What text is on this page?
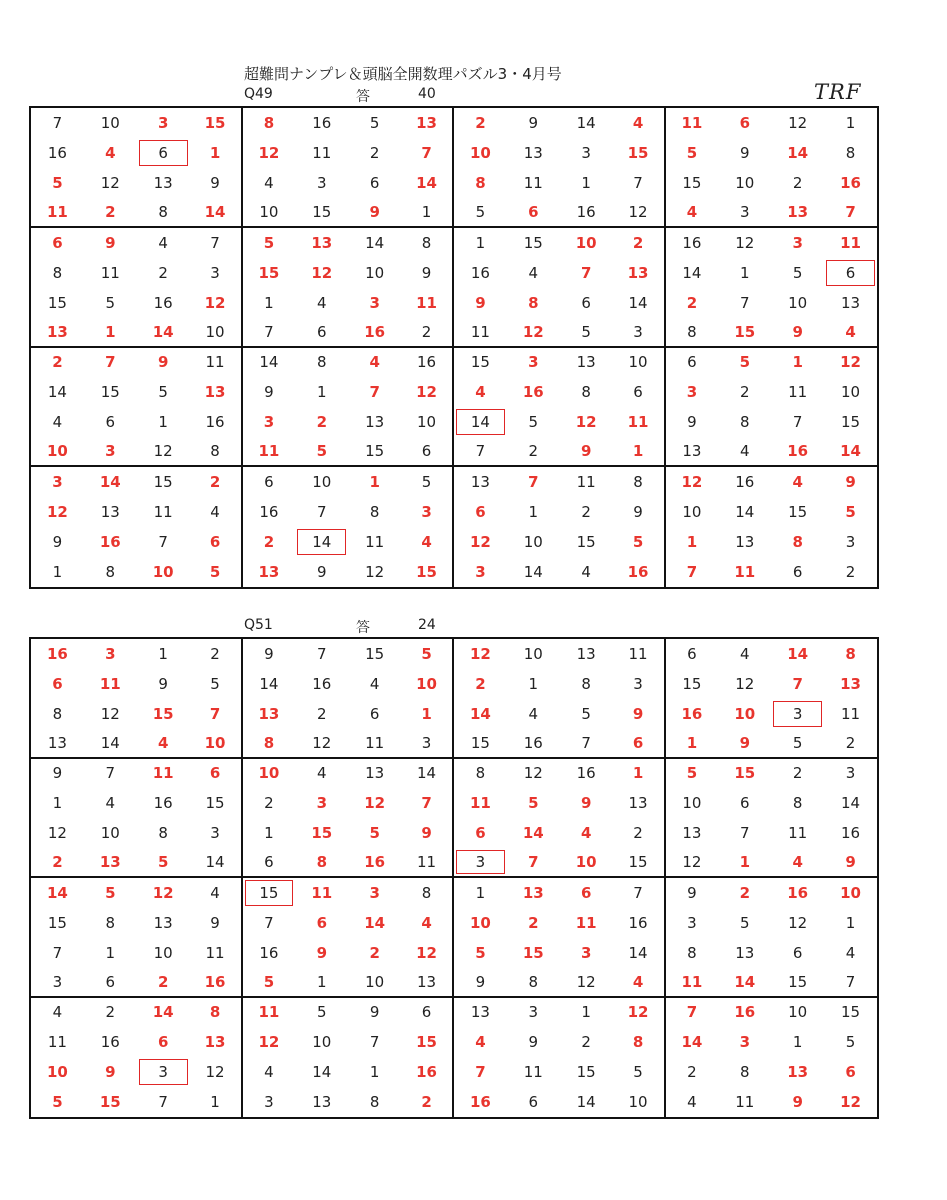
超難問ナンプレ＆頭脳全開数理パズル3・4月号
TRF
Q49	答	40
7	10	3	15	8	16	5	13	2	9	14	4	11	6	12	1
16	4	6	1	12	11	2	7	10	13	3	15	5	9	14	8
5	12	13	9	4	3	6	14	8	11	1	7	15	10	2	16
11	2	8	14	10	15	9	1	5	6	16	12	4	3	13	7
6	9	4	7	5	13	14	8	1	15	10	2	16	12	3	11
8	11	2	3	15	12	10	9	16	4	7	13	14	1	5	6
15	5	16	12	1	4	3	11	9	8	6	14	2	7	10	13
13	1	14	10	7	6	16	2	11	12	5	3	8	15	9	4
2	7	9	11	14	8	4	16	15	3	13	10	6	5	1	12
14	15	5	13	9	1	7	12	4	16	8	6	3	2	11	10
4	6	1	16	3	2	13	10	14	5	12	11	9	8	7	15
10	3	12	8	11	5	15	6	7	2	9	1	13	4	16	14
3	14	15	2	6	10	1	5	13	7	11	8	12	16	4	9
12	13	11	4	16	7	8	3	6	1	2	9	10	14	15	5
9	16	7	6	2	14	11	4	12	10	15	5	1	13	8	3
1	8	10	5	13	9	12	15	3	14	4	16	7	11	6	2
Q51	答	24
16	3	1	2	9	7	15	5	12	10	13	11	6	4	14	8
6	11	9	5	14	16	4	10	2	1	8	3	15	12	7	13
8	12	15	7	13	2	6	1	14	4	5	9	16	10	3	11
13	14	4	10	8	12	11	3	15	16	7	6	1	9	5	2
9	7	11	6	10	4	13	14	8	12	16	1	5	15	2	3
1	4	16	15	2	3	12	7	11	5	9	13	10	6	8	14
12	10	8	3	1	15	5	9	6	14	4	2	13	7	11	16
2	13	5	14	6	8	16	11	3	7	10	15	12	1	4	9
14	5	12	4	15	11	3	8	1	13	6	7	9	2	16	10
15	8	13	9	7	6	14	4	10	2	11	16	3	5	12	1
7	1	10	11	16	9	2	12	5	15	3	14	8	13	6	4
3	6	2	16	5	1	10	13	9	8	12	4	11	14	15	7
4	2	14	8	11	5	9	6	13	3	1	12	7	16	10	15
11	16	6	13	12	10	7	15	4	9	2	8	14	3	1	5
10	9	3	12	4	14	1	16	7	11	15	5	2	8	13	6
5	15	7	1	3	13	8	2	16	6	14	10	4	11	9	12
